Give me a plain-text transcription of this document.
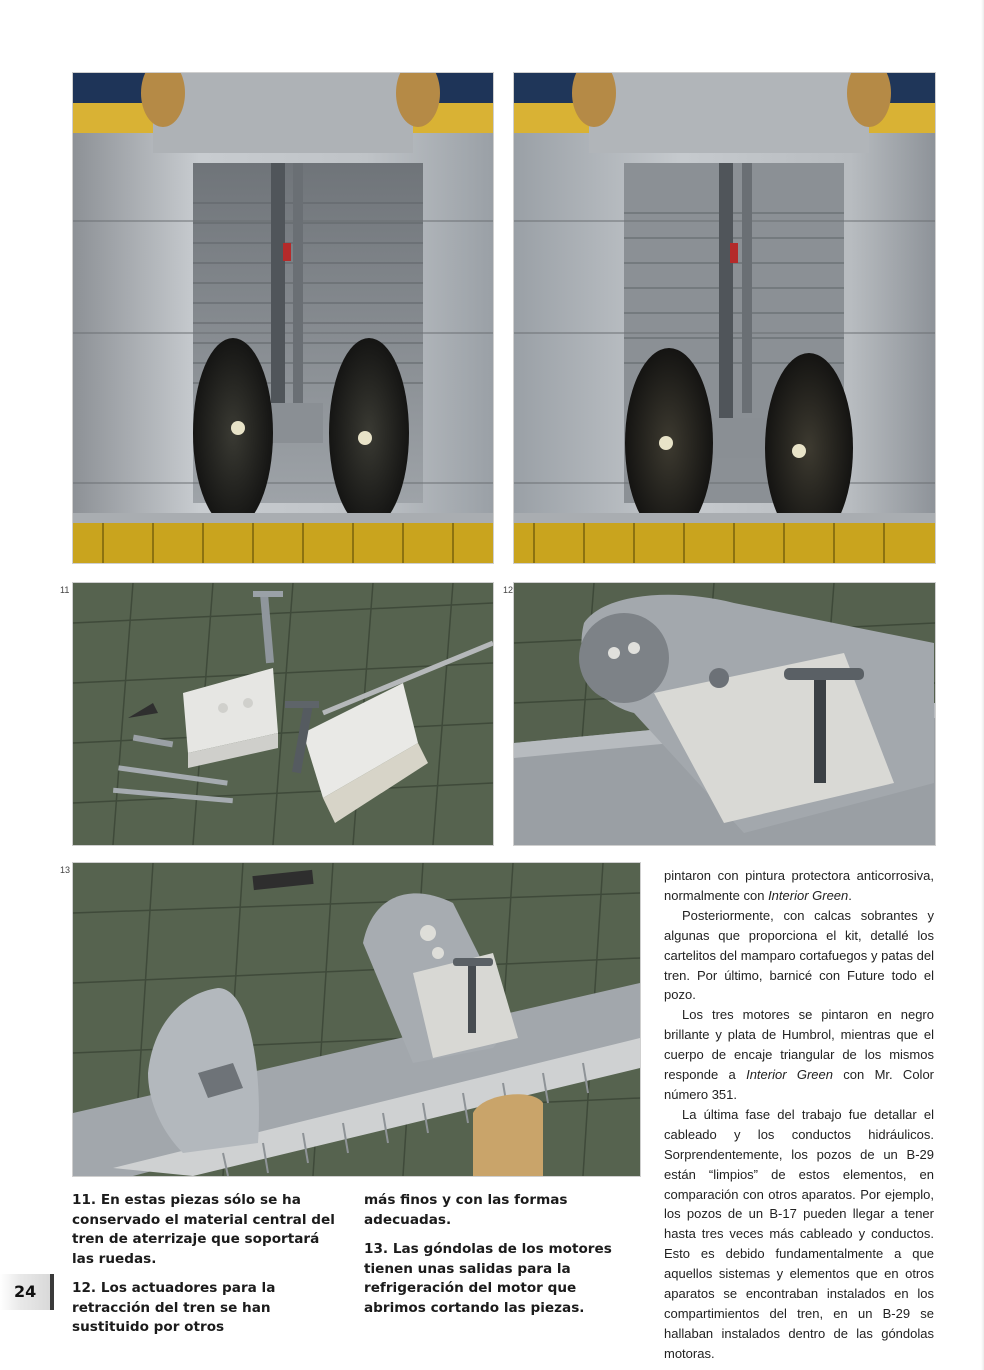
11	12
13

11. En estas piezas sólo se ha conservado el material central del tren de aterrizaje que soportará las ruedas.

12. Los actuadores para la retracción del tren se han sustituido por otros

más finos y con las formas adecuadas.

13. Las góndolas de los motores tienen unas salidas para la refrigeración del motor que abrimos cortando las piezas.

pintaron con pintura protectora anticorrosiva, normalmente con Interior Green.

Posteriormente, con calcas sobrantes y algunas que proporciona el kit, detallé los cartelitos del mamparo cortafuegos y patas del tren. Por último, barnicé con Future todo el pozo.

Los tres motores se pintaron en negro brillante y plata de Humbrol, mientras que el cuerpo de encaje triangular de los mismos responde a Interior Green con Mr. Color número 351.

La última fase del trabajo fue detallar el cableado y los conductos hidráulicos. Sorprendentemente, los pozos de un B-29 están “limpios” de estos elementos, en comparación con otros aparatos. Por ejemplo, los pozos de un B-17 pueden llegar a tener hasta tres veces más cableado y conductos. Esto es debido fundamentalmente a que aquellos sistemas y elementos que en otros aparatos se encontraban instalados en los compartimientos del tren, en un B-29 se hallaban instalados dentro de las góndolas motoras.

24
